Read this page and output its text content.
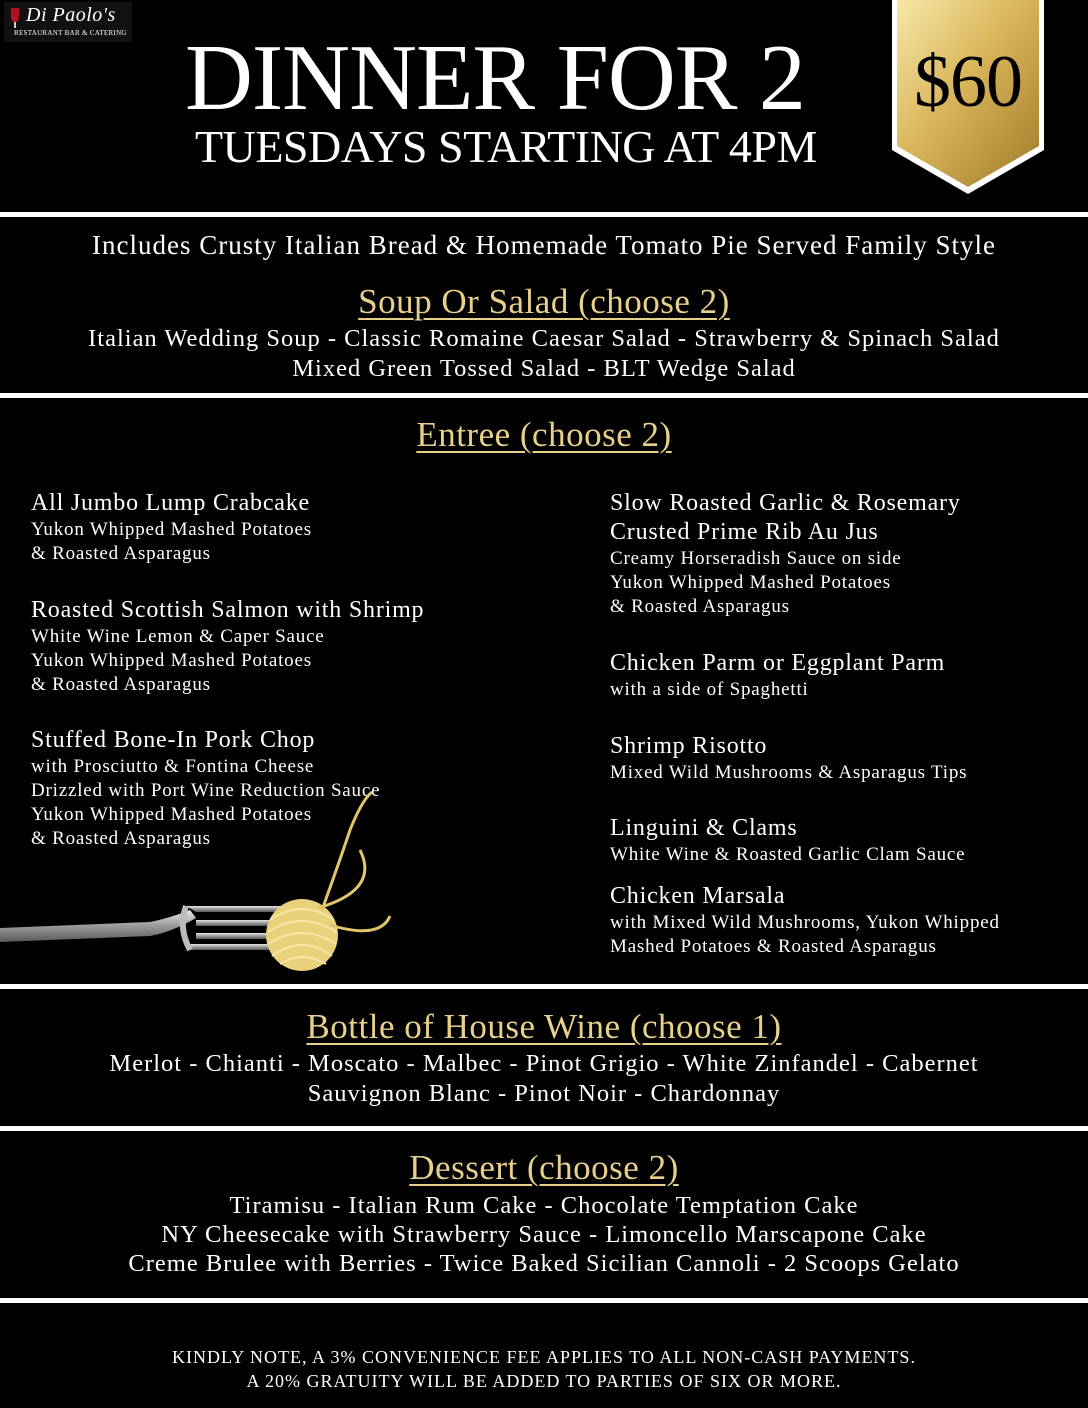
Di Paolo's
RESTAURANT BAR & CATERING DINNER FOR 2
TUESDAYS STARTING AT 4PM
$60
Includes Crusty Italian Bread & Homemade Tomato Pie Served Family Style
Soup Or Salad (choose 2)
Italian Wedding Soup - Classic Romaine Caesar Salad - Strawberry & Spinach Salad
Mixed Green Tossed Salad - BLT Wedge Salad
Entree (choose 2)
All Jumbo Lump Crabcake
Yukon Whipped Mashed Potatoes
& Roasted Asparagus
Roasted Scottish Salmon with Shrimp
White Wine Lemon & Caper Sauce
Yukon Whipped Mashed Potatoes
& Roasted Asparagus
Stuffed Bone-In Pork Chop
with Prosciutto & Fontina Cheese
Drizzled with Port Wine Reduction Sauce
Yukon Whipped Mashed Potatoes
& Roasted Asparagus
Slow Roasted Garlic & Rosemary
Crusted Prime Rib Au Jus
Creamy Horseradish Sauce on side
Yukon Whipped Mashed Potatoes
& Roasted Asparagus
Chicken Parm or Eggplant Parm
with a side of Spaghetti
Shrimp Risotto
Mixed Wild Mushrooms & Asparagus Tips
Linguini & Clams
White Wine & Roasted Garlic Clam Sauce
Chicken Marsala
with Mixed Wild Mushrooms, Yukon Whipped
Mashed Potatoes & Roasted Asparagus
Bottle of House Wine (choose 1)
Merlot - Chianti - Moscato - Malbec - Pinot Grigio - White Zinfandel - Cabernet
Sauvignon Blanc - Pinot Noir - Chardonnay
Dessert (choose 2)
Tiramisu - Italian Rum Cake - Chocolate Temptation Cake
NY Cheesecake with Strawberry Sauce - Limoncello Marscapone Cake
Creme Brulee with Berries - Twice Baked Sicilian Cannoli - 2 Scoops Gelato
KINDLY NOTE, A 3% CONVENIENCE FEE APPLIES TO ALL NON-CASH PAYMENTS.
A 20% GRATUITY WILL BE ADDED TO PARTIES OF SIX OR MORE.
